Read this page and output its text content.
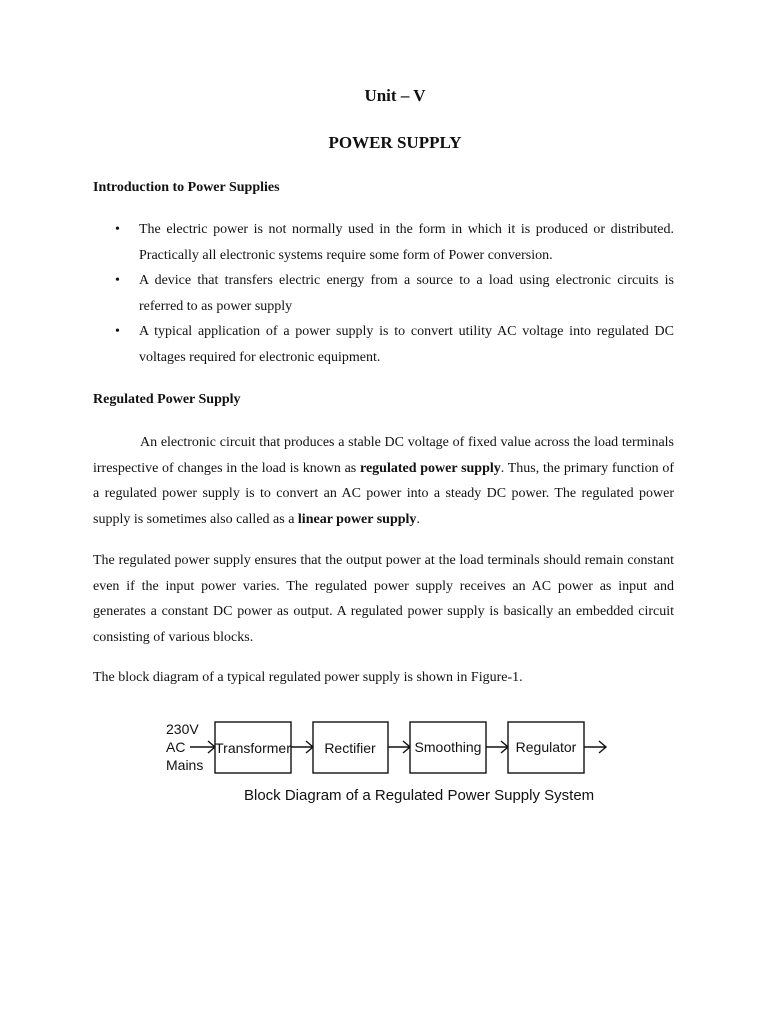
Unit – V
POWER SUPPLY
Introduction to Power Supplies
• The electric power is not normally used in the form in which it is produced or distributed. Practically all electronic systems require some form of Power conversion.
• A device that transfers electric energy from a source to a load using electronic circuits is referred to as power supply
• A typical application of a power supply is to convert utility AC voltage into regulated DC voltages required for electronic equipment.
Regulated Power Supply

An electronic circuit that produces a stable DC voltage of fixed value across the load terminals irrespective of changes in the load is known as regulated power supply. Thus, the primary function of a regulated power supply is to convert an AC power into a steady DC power. The regulated power supply is sometimes also called as a linear power supply.

The regulated power supply ensures that the output power at the load terminals should remain constant even if the input power varies. The regulated power supply receives an AC power as input and generates a constant DC power as output. A regulated power supply is basically an embedded circuit consisting of various blocks.

The block diagram of a typical regulated power supply is shown in Figure-1.

230V
AC
Mains
Transformer Rectifier	Smoothing Regulator
Block Diagram of a Regulated Power Supply System
